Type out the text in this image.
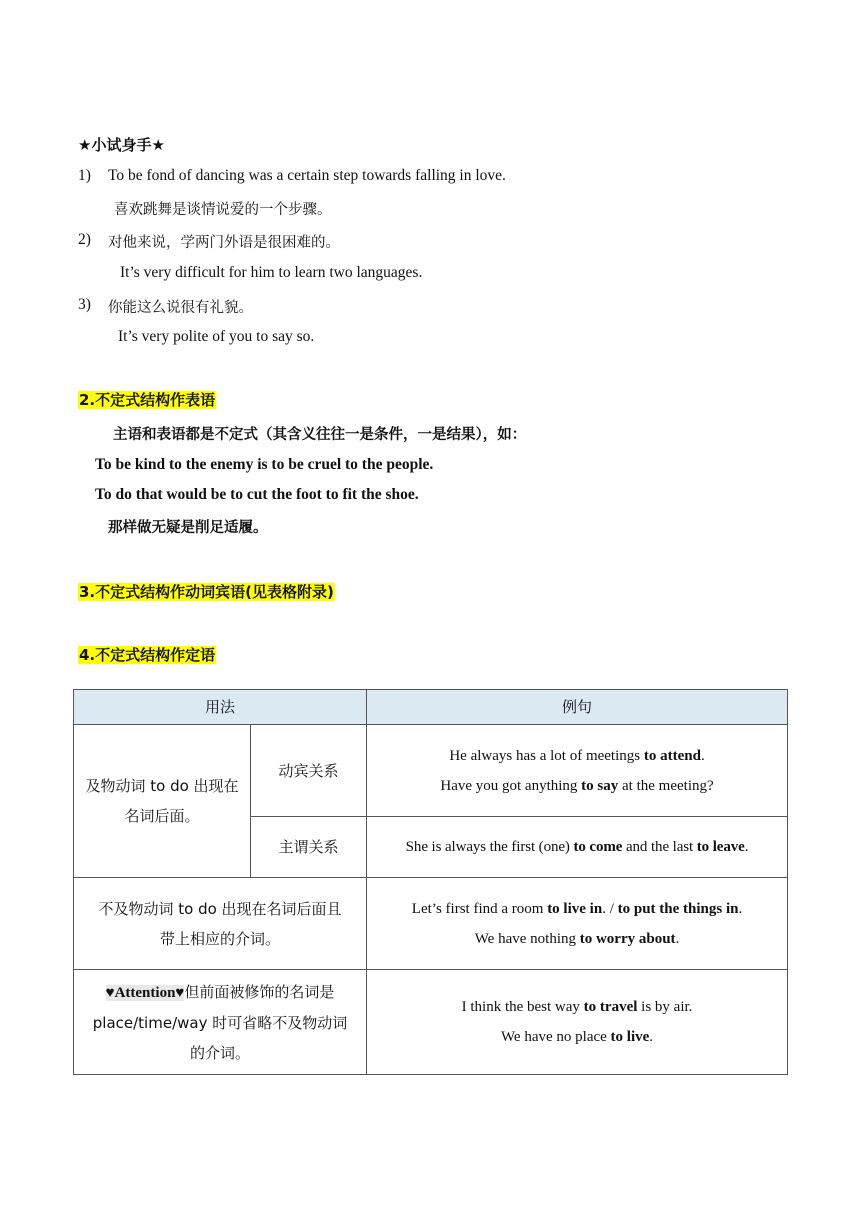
★小试身手★
1) To be fond of dancing was a certain step towards falling in love.
喜欢跳舞是谈情说爱的一个步骤。
2) 对他来说，学两门外语是很困难的。
It’s very difficult for him to learn two languages.
3) 你能这么说很有礼貌。
It’s very polite of you to say so.
2.不定式结构作表语
主语和表语都是不定式（其含义往往一是条件，一是结果），如：
To be kind to the enemy is to be cruel to the people.
To do that would be to cut the foot to fit the shoe.
那样做无疑是削足适履。
3.不定式结构作动词宾语(见表格附录)
4.不定式结构作定语
用法		例句

及物动词 to do 出现在
名词后面。	动宾关系	He always has a lot of meetings to attend.
Have you got anything to say at the meeting?

	主谓关系	She is always the first (one) to come and the last to leave.

不及物动词 to do 出现在名词后面且
带上相应的介词。		Let’s first find a room to live in. / to put the things in.
We have nothing to worry about.

♥Attention♥但前面被修饰的名词是
place/time/way 时可省略不及物动词
的介词。		I think the best way to travel is by air.
We have no place to live.
